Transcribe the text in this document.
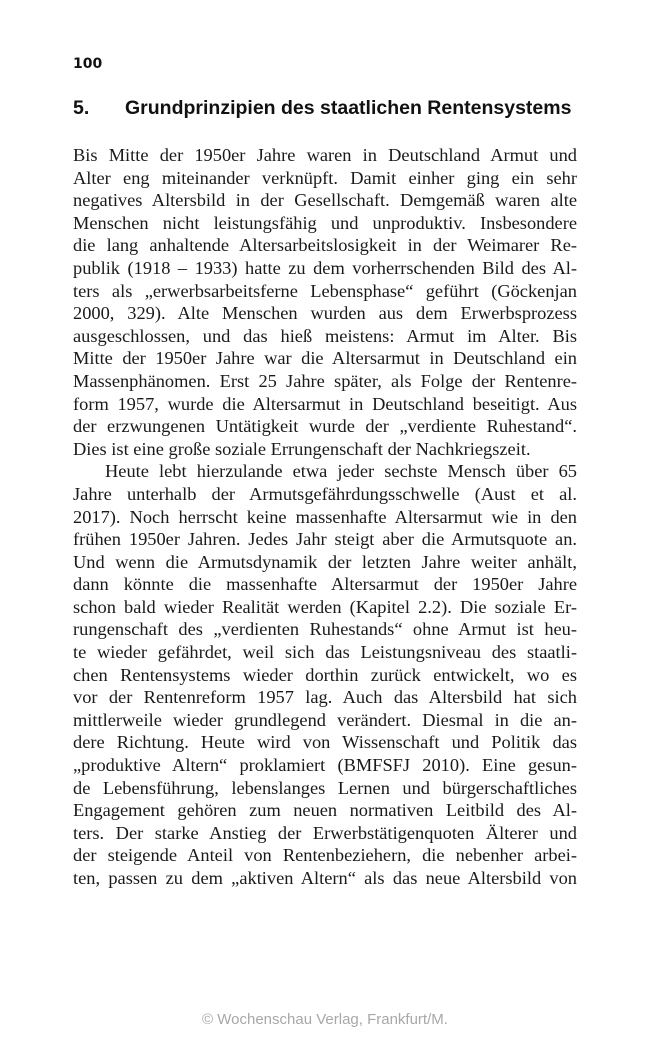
100
5. Grundprinzipien des staatlichen Rentensystems
Bis Mitte der 1950er Jahre waren in Deutschland Armut und
Alter eng miteinander verknüpft. Damit einher ging ein sehr
negatives Altersbild in der Gesellschaft. Demgemäß waren alte
Menschen nicht leistungsfähig und unproduktiv. Insbesondere
die lang anhaltende Altersarbeitslosigkeit in der Weimarer Re-
publik (1918 – 1933) hatte zu dem vorherrschenden Bild des Al-
ters als „erwerbsarbeitsferne Lebensphase“ geführt (Göckenjan
2000, 329). Alte Menschen wurden aus dem Erwerbsprozess
ausgeschlossen, und das hieß meistens: Armut im Alter. Bis
Mitte der 1950er Jahre war die Altersarmut in Deutschland ein
Massenphänomen. Erst 25 Jahre später, als Folge der Rentenre-
form 1957, wurde die Altersarmut in Deutschland beseitigt. Aus
der erzwungenen Untätigkeit wurde der „verdiente Ruhestand“.
Dies ist eine große soziale Errungenschaft der Nachkriegszeit.
Heute lebt hierzulande etwa jeder sechste Mensch über 65
Jahre unterhalb der Armutsgefährdungsschwelle (Aust et al.
2017). Noch herrscht keine massenhafte Altersarmut wie in den
frühen 1950er Jahren. Jedes Jahr steigt aber die Armutsquote an.
Und wenn die Armutsdynamik der letzten Jahre weiter anhält,
dann könnte die massenhafte Altersarmut der 1950er Jahre
schon bald wieder Realität werden (Kapitel 2.2). Die soziale Er-
rungenschaft des „verdienten Ruhestands“ ohne Armut ist heu-
te wieder gefährdet, weil sich das Leistungsniveau des staatli-
chen Rentensystems wieder dorthin zurück entwickelt, wo es
vor der Rentenreform 1957 lag. Auch das Altersbild hat sich
mittlerweile wieder grundlegend verändert. Diesmal in die an-
dere Richtung. Heute wird von Wissenschaft und Politik das
„produktive Altern“ proklamiert (BMFSFJ 2010). Eine gesun-
de Lebensführung, lebenslanges Lernen und bürgerschaftliches
Engagement gehören zum neuen normativen Leitbild des Al-
ters. Der starke Anstieg der Erwerbstätigenquoten Älterer und
der steigende Anteil von Rentenbeziehern, die nebenher arbei-
ten, passen zu dem „aktiven Altern“ als das neue Altersbild von
© Wochenschau Verlag, Frankfurt/M.
